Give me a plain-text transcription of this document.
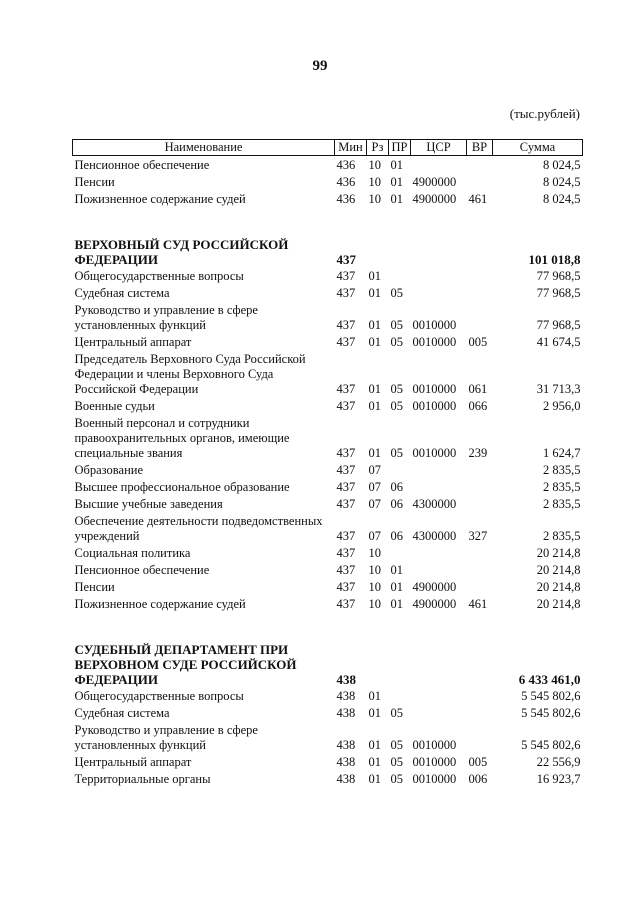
99
(тыс.рублей)
Наименование	Мин	Рз	ПР	ЦСР	ВР	Сумма
Пенсионное обеспечение	436	10	01			8 024,5
Пенсии	436	10	01	4900000		8 024,5
Пожизненное содержание судей	436	10	01	4900000	461	8 024,5
ВЕРХОВНЫЙ СУД РОССИЙСКОЙ ФЕДЕРАЦИИ	437					101 018,8
Общегосударственные вопросы	437	01				77 968,5
Судебная система	437	01	05			77 968,5
Руководство и управление в сфере установленных функций	437	01	05	0010000		77 968,5
Центральный аппарат	437	01	05	0010000	005	41 674,5
Председатель Верховного Суда Российской Федерации и члены Верховного Суда Российской Федерации	437	01	05	0010000	061	31 713,3
Военные судьи	437	01	05	0010000	066	2 956,0
Военный персонал и сотрудники правоохранительных органов, имеющие специальные звания	437	01	05	0010000	239	1 624,7
Образование	437	07				2 835,5
Высшее профессиональное образование	437	07	06			2 835,5
Высшие учебные заведения	437	07	06	4300000		2 835,5
Обеспечение деятельности подведомственных учреждений	437	07	06	4300000	327	2 835,5
Социальная политика	437	10				20 214,8
Пенсионное обеспечение	437	10	01			20 214,8
Пенсии	437	10	01	4900000		20 214,8
Пожизненное содержание судей	437	10	01	4900000	461	20 214,8
СУДЕБНЫЙ ДЕПАРТАМЕНТ ПРИ ВЕРХОВНОМ СУДЕ РОССИЙСКОЙ ФЕДЕРАЦИИ	438					6 433 461,0
Общегосударственные вопросы	438	01				5 545 802,6
Судебная система	438	01	05			5 545 802,6
Руководство и управление в сфере установленных функций	438	01	05	0010000		5 545 802,6
Центральный аппарат	438	01	05	0010000	005	22 556,9
Территориальные органы	438	01	05	0010000	006	16 923,7
